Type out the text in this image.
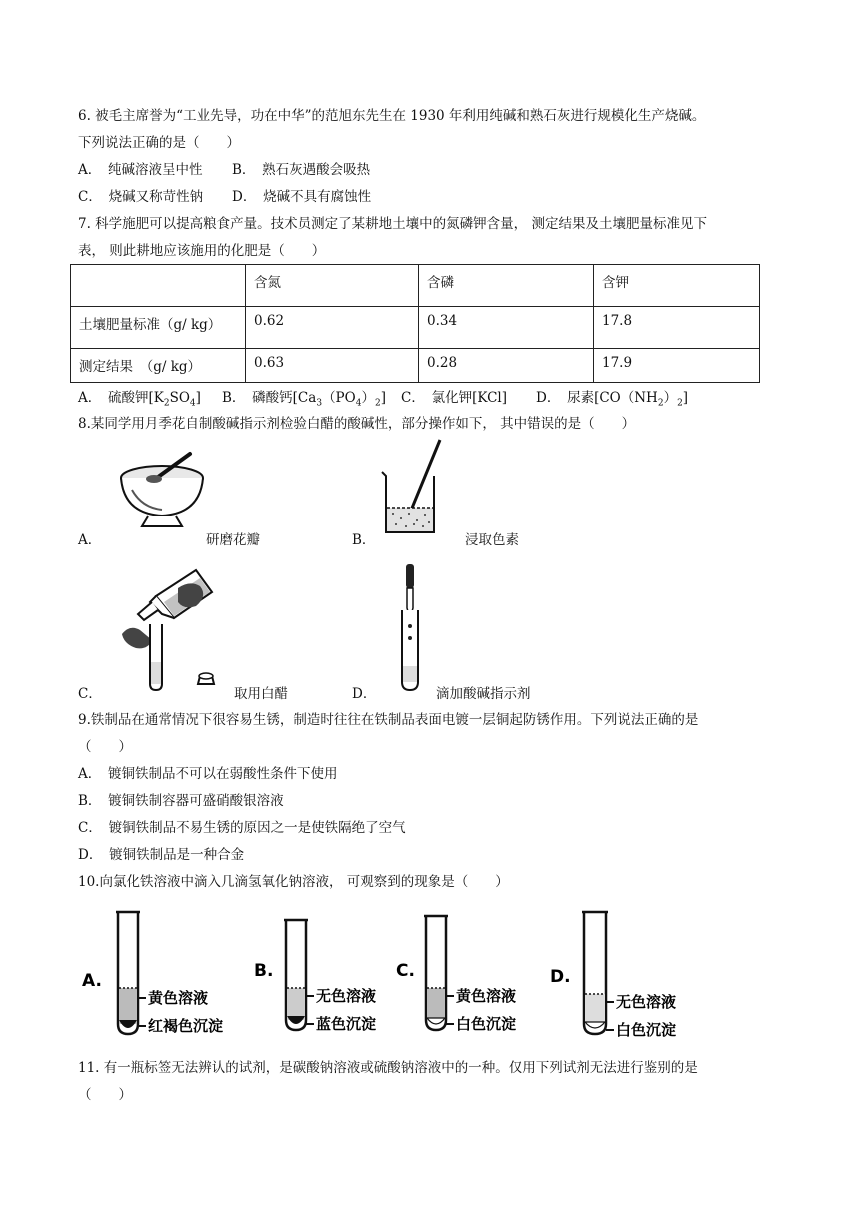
6. 被毛主席誉为“工业先导，功在中华”的范旭东先生在 1930 年利用纯碱和熟石灰进行规模化生产烧碱。
下列说法正确的是（　　）
A．　纯碱溶液呈中性 B．　熟石灰遇酸会吸热
C．　烧碱又称苛性钠 D．　烧碱不具有腐蚀性
7. 科学施肥可以提高粮食产量。技术员测定了某耕地土壤中的氮磷钾含量， 测定结果及土壤肥量标准见下
表， 则此耕地应该施用的化肥是（　　）
	含氮	含磷	含钾
土壤肥量标准（g/ kg）	0.62	0.34	17.8
测定结果　（g/ kg）	0.63	0.28	17.9
A．　硫酸钾$[K_2SO_4]$ B．　磷酸钙$[Ca_3(PO_4)_2]$ C．　氯化钾[KCl] D．　尿素$[CO(NH_2)_2]$
8.某同学用月季花自制酸碱指示剂检验白醋的酸碱性，部分操作如下， 其中错误的是（　　）
A．	研磨花瓣	B．	浸取色素
C．	取用白醋	D．	滴加酸碱指示剂
9.铁制品在通常情况下很容易生锈，制造时往往在铁制品表面电镀一层铜起防锈作用。下列说法正确的是
（　　）
A．　镀铜铁制品不可以在弱酸性条件下使用
B．　镀铜铁制容器可盛硝酸银溶液
C．　镀铜铁制品不易生锈的原因之一是使铁隔绝了空气
D．　镀铜铁制品是一种合金
10.向氯化铁溶液中滴入几滴氢氧化钠溶液， 可观察到的现象是（　　）
A.
黄色溶液
红褐色沉淀
B.
无色溶液
蓝色沉淀
C.
黄色溶液
白色沉淀
D.
无色溶液
白色沉淀
11. 有一瓶标签无法辨认的试剂，是碳酸钠溶液或硫酸钠溶液中的一种。仅用下列试剂无法进行鉴别的是
（　　）
